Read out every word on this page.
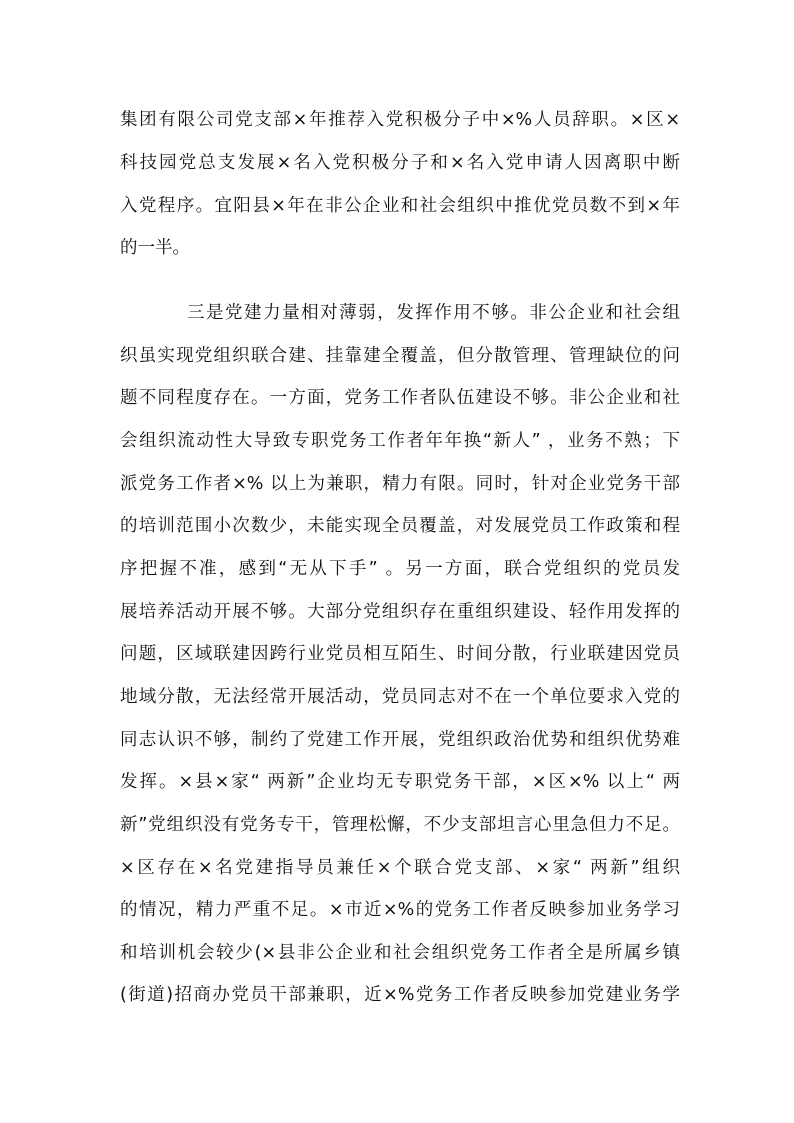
集团有限公司党支部×年推荐入党积极分子中×%人员辞职。×区×
科技园党总支发展×名入党积极分子和×名入党申请人因离职中断
入党程序。宜阳县×年在非公企业和社会组织中推优党员数不到×年
的一半。
三是党建力量相对薄弱，发挥作用不够。非公企业和社会组
织虽实现党组织联合建、挂靠建全覆盖，但分散管理、管理缺位的问
题不同程度存在。一方面，党务工作者队伍建设不够。非公企业和社
会组织流动性大导致专职党务工作者年年换“新人” ，业务不熟；下
派党务工作者×% 以上为兼职，精力有限。同时，针对企业党务干部
的培训范围小次数少，未能实现全员覆盖，对发展党员工作政策和程
序把握不准，感到“无从下手” 。另一方面，联合党组织的党员发
展培养活动开展不够。大部分党组织存在重组织建设、轻作用发挥的
问题，区域联建因跨行业党员相互陌生、时间分散，行业联建因党员
地域分散，无法经常开展活动，党员同志对不在一个单位要求入党的
同志认识不够，制约了党建工作开展，党组织政治优势和组织优势难
发挥。×县×家“ 两新”企业均无专职党务干部，×区×% 以上“ 两
新”党组织没有党务专干，管理松懈，不少支部坦言心里急但力不足。
×区存在×名党建指导员兼任×个联合党支部、×家“ 两新”组织
的情况，精力严重不足。×市近×%的党务工作者反映参加业务学习
和培训机会较少(×县非公企业和社会组织党务工作者全是所属乡镇
(街道)招商办党员干部兼职，近×%党务工作者反映参加党建业务学
